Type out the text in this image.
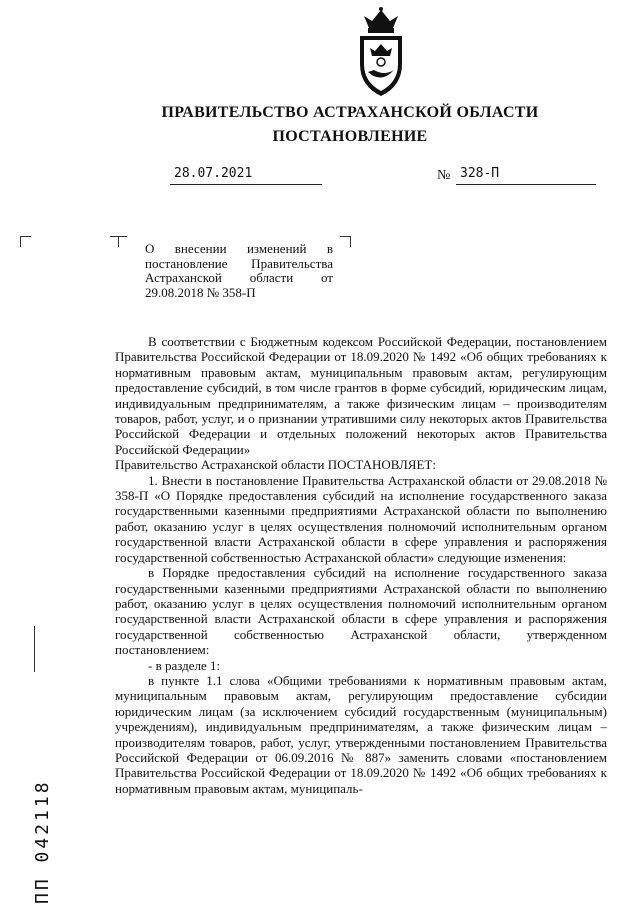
ПРАВИТЕЛЬСТВО АСТРАХАНСКОЙ ОБЛАСТИ
ПОСТАНОВЛЕНИЕ
28.07.2021	№ 328-П
О внесении изменений в постановление Правительства Астраханской области от 29.08.2018 № 358-П

В соответствии с Бюджетным кодексом Российской Федерации, постановлением Правительства Российской Федерации от 18.09.2020 № 1492 «Об общих требованиях к нормативным правовым актам, муниципальным правовым актам, регулирующим предоставление субсидий, в том числе грантов в форме субсидий, юридическим лицам, индивидуальным предпринимателям, а также физическим лицам – производителям товаров, работ, услуг, и о признании утратившими силу некоторых актов Правительства Российской Федерации и отдельных положений некоторых актов Правительства Российской Федерации»

Правительство Астраханской области ПОСТАНОВЛЯЕТ:

1. Внести в постановление Правительства Астраханской области от 29.08.2018 № 358-П «О Порядке предоставления субсидий на исполнение государственного заказа государственными казенными предприятиями Астраханской области по выполнению работ, оказанию услуг в целях осуществления полномочий исполнительным органом государственной власти Астраханской области в сфере управления и распоряжения государственной собственностью Астраханской области» следующие изменения:

в Порядке предоставления субсидий на исполнение государственного заказа государственными казенными предприятиями Астраханской области по выполнению работ, оказанию услуг в целях осуществления полномочий исполнительным органом государственной власти Астраханской области в сфере управления и распоряжения государственной собственностью Астраханской области, утвержденном постановлением:

- в разделе 1:

в пункте 1.1 слова «Общими требованиями к нормативным правовым актам, муниципальным правовым актам, регулирующим предоставление субсидии юридическим лицам (за исключением субсидий государственным (муниципальным) учреждениям), индивидуальным предпринимателям, а также физическим лицам – производителям товаров, работ, услуг, утвержденными постановлением Правительства Российской Федерации от 06.09.2016 № 887» заменить словами «постановлением Правительства Российской Федерации от 18.09.2020 № 1492 «Об общих требованиях к нормативным правовым актам, муниципаль-

ПП 042118
